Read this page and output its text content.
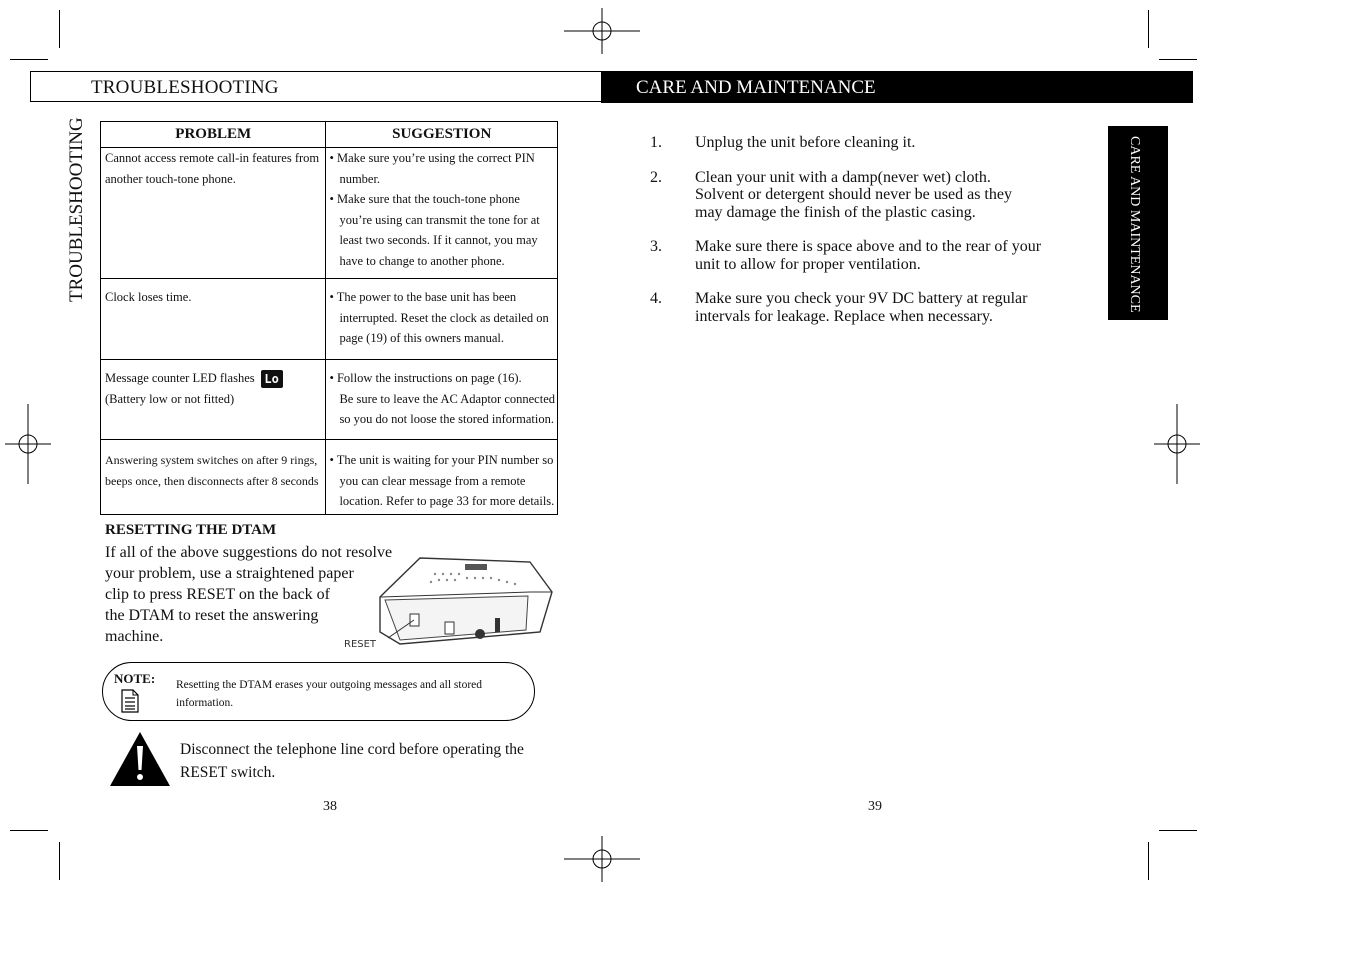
TROUBLESHOOTING	CARE AND MAINTENANCE
TROUBLESHOOTING	CARE AND MAINTENANCE
PROBLEM	SUGGESTION
Cannot access remote call-in features from another touch-tone phone.	• Make sure you’re using the correct PIN number.
• Make sure that the touch-tone phone you’re using can transmit the tone for at least two seconds. If it cannot, you may have to change to another phone.

Clock loses time.	• The power to the base unit has been interrupted. Reset the clock as detailed on page (19) of this owners manual.

Message counter LED flashes Lo
(Battery low or not fitted)	• Follow the instructions on page (16).
Be sure to leave the AC Adaptor connected
so you do not loose the stored information.

Answering system switches on after 9 rings, beeps once, then disconnects after 8 seconds	• The unit is waiting for your PIN number so you can clear message from a remote location. Refer to page 33 for more details.
RESETTING THE DTAM
If all of the above suggestions do not resolve
your problem, use a straightened paper
clip to press RESET on the back of
the DTAM to reset the answering
machine.	RESET
NOTE: Resetting the DTAM erases your outgoing messages and all stored information.
Disconnect the telephone line cord before operating the RESET switch.
38	39
1. Unplug the unit before cleaning it.
2. Clean your unit with a damp(never wet) cloth.
Solvent or detergent should never be used as they
may damage the finish of the plastic casing.
3. Make sure there is space above and to the rear of your
unit to allow for proper ventilation.
4. Make sure you check your 9V DC battery at regular
intervals for leakage. Replace when necessary.
